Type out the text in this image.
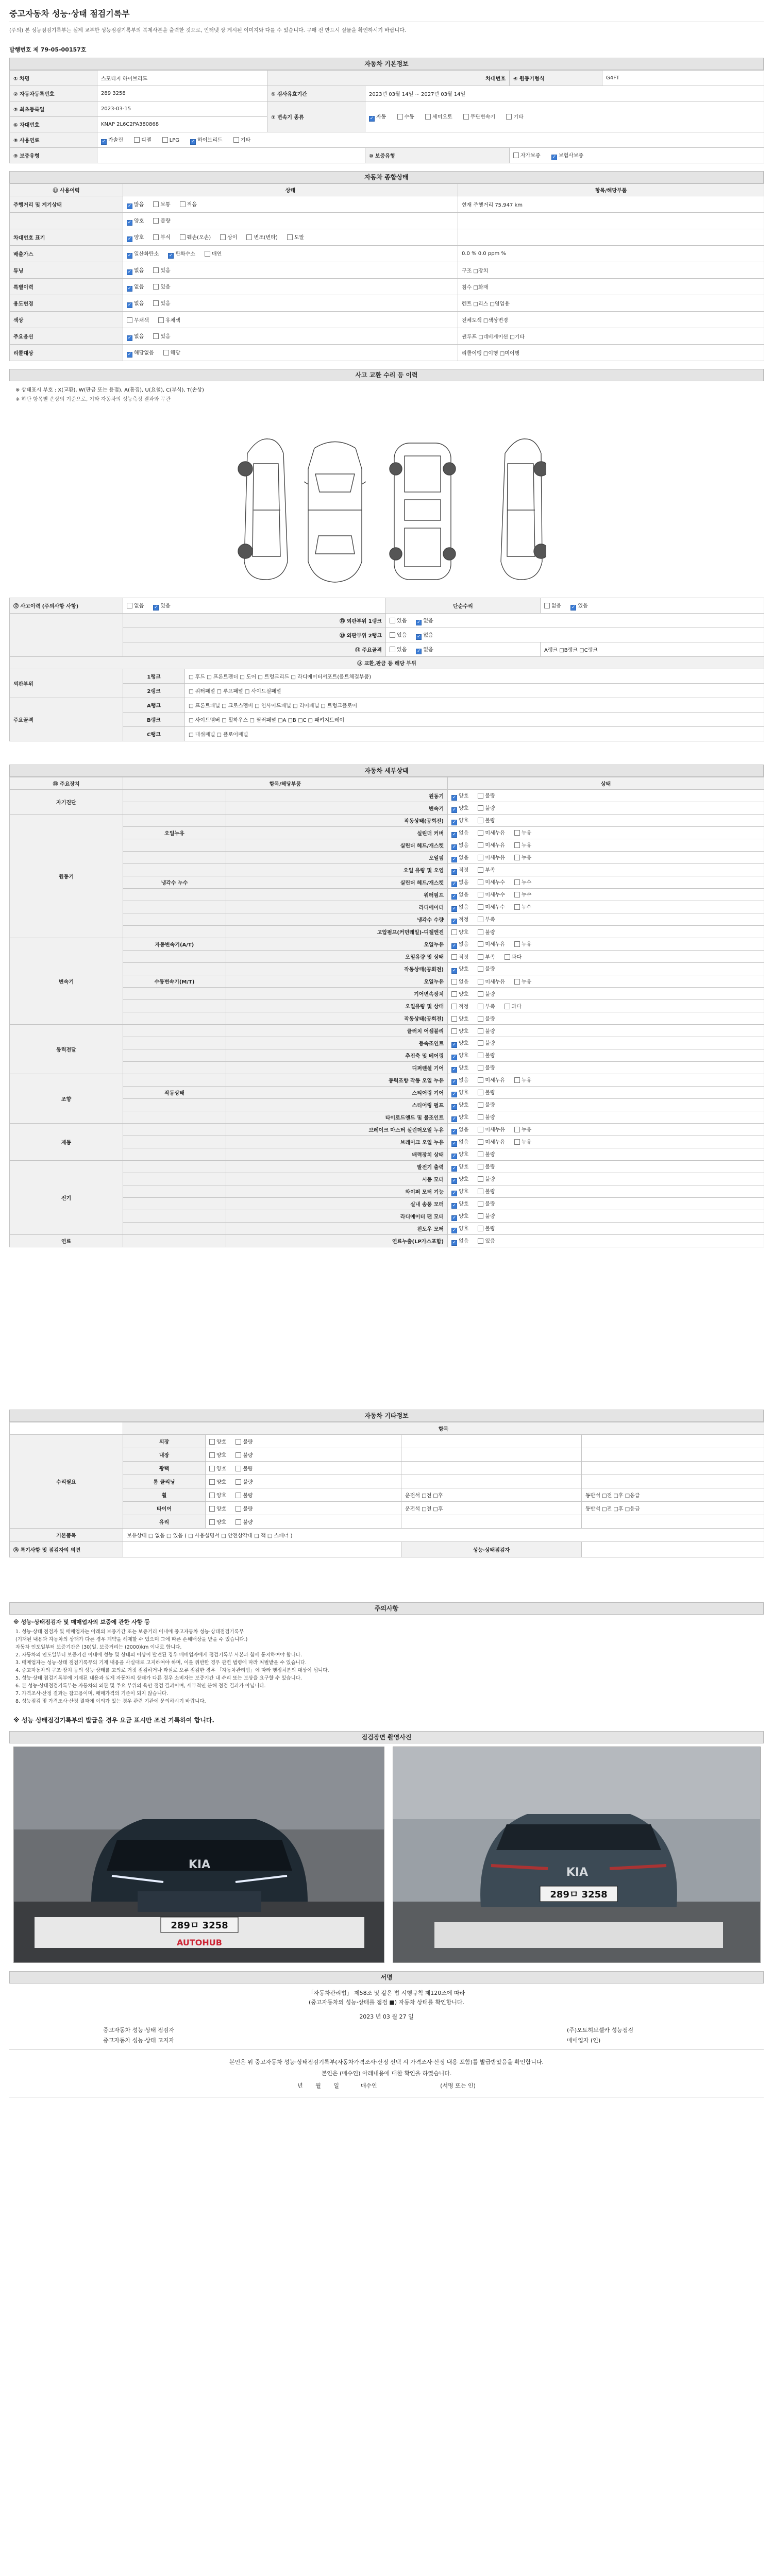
중고자동차 성능·상태 점검기록부
(주의) 본 성능점검기록부는 실제 교부한 성능점검기록부의 복제사본을 출력한 것으로, 인터넷 상 게시된 이미지와 다를 수 있습니다. 구매 전 반드시 실물을 확인하시기 바랍니다.
발행번호 제 79-05-00157호
자동차 기본정보
① 차명	스포티지 하이브리드	차대번호		④ 원동기형식	G4FT
② 자동차등록번호	289 3258	⑤ 검사유효기간	2023년 03월 14일 ~ 2027년 03월 14일		
③ 최초등록일	2023-03-15	⑦ 변속기 종류	✓ 자동 수동 세미오토 무단변속기 기타		
⑥ 차대번호	KNAP 2L6C2PA380868				
⑧ 사용연료	✓ 가솔린 디젤 LPG ✓ 하이브리드 기타				
⑨ 보증유형			⑩ 보증유형	자가보증 ✓ 보험사보증	
자동차 종합상태
⑪ 사용이력	상태	항목/해당부품
주행거리 및 계기상태	✓ 많음 보통 적음	현재 주행거리 75,947 km
	✓ 양호 불량	
차대번호 표기	✓ 양호 부식 훼손(오손) 상이 변조(변타) 도말	
배출가스	✓ 일산화탄소 ✓ 탄화수소 매연	0.0 % 0.0 ppm %
튜닝	✓ 없음 있음	구조 □장치
특별이력	✓ 없음 있음	침수 □화재
용도변경	✓ 없음 있음	렌트 □리스 □영업용
색상	무채색 유채색	전체도색 □색상변경
주요옵션	✓ 없음 있음	썬루프 □네비게이션 □기타
리콜대상	✓ 해당없음 해당	리콜이행 □이행 □미이행
사고 교환 수리 등 이력
※ 상태표시 부호 : X(교환), W(판금 또는 용접), A(흠집), U(요철), C(부식), T(손상)
※ 하단 항목별 손상의 기준으로, 기타 자동차의 성능측정 결과와 무관
⑫ 사고이력 (주의사항 사항)	없음 ✓ 있음		단순수리	없음 ✓ 있음
	⑬ 외판부위 1랭크		있음 ✓ 없음	
	⑬ 외판부위 2랭크		있음 ✓ 없음	
	⑭ 주요골격		있음 ✓ 없음	A랭크 □B랭크 □C랭크
⑭ 교환,판금 등 해당 부위				
외판부위	1랭크	□ 후드 □ 프론트펜더 □ 도어 □ 트렁크리드 □ 라디에이터서포트(볼트체결부품)		
	2랭크	□ 쿼터패널 □ 루프패널 □ 사이드실패널		
주요골격	A랭크	□ 프론트패널 □ 크로스멤버 □ 인사이드패널 □ 리어패널 □ 트렁크플로어		
	B랭크	□ 사이드멤버 □ 휠하우스 □ 필러패널 □A □B □C □ 패키지트레이		
	C랭크	□ 대쉬패널 □ 플로어패널		
자동차 세부상태
⑮ 주요장치	항목/해당부품		상태
자기진단		원동기	✓ 양호 불량
		변속기	✓ 양호 불량
원동기		작동상태(공회전)	✓ 양호 불량
	오일누유	실린더 커버	✓ 없음 미세누유 누유
		실린더 헤드/개스켓	✓ 없음 미세누유 누유
		오일펌	✓ 없음 미세누유 누유
		오일 유량 및 오염	✓ 적정 부족
	냉각수 누수	실린더 헤드/개스켓	✓ 없음 미세누수 누수
		워터펌프	✓ 없음 미세누수 누수
		라디에이터	✓ 없음 미세누수 누수
		냉각수 수량	✓ 적정 부족
		고압펌프(커먼레일)-디젤엔진	양호 불량
변속기	자동변속기(A/T)	오일누유	✓ 없음 미세누유 누유
		오일유량 및 상태	적정 부족 과다
		작동상태(공회전)	✓ 양호 불량
	수동변속기(M/T)	오일누유	없음 미세누유 누유
		기어변속장치	양호 불량
		오일유량 및 상태	적정 부족 과다
		작동상태(공회전)	양호 불량
동력전달		클러치 어셈블리	양호 불량
		등속조인트	✓ 양호 불량
		추진축 및 베어링	✓ 양호 불량
		디퍼렌셜 기어	✓ 양호 불량
조향		동력조향 작동 오일 누유	✓ 없음 미세누유 누유
	작동상태	스티어링 기어	✓ 양호 불량
		스티어링 펌프	✓ 양호 불량
		타이로드엔드 및 볼조인트	✓ 양호 불량
제동		브레이크 마스터 실린더오일 누유	✓ 없음 미세누유 누유
		브레이크 오일 누유	✓ 없음 미세누유 누유
		배력장치 상태	✓ 양호 불량
전기		발전기 출력	✓ 양호 불량
		시동 모터	✓ 양호 불량
		와이퍼 모터 기능	✓ 양호 불량
		실내 송풍 모터	✓ 양호 불량
		라디에이터 팬 모터	✓ 양호 불량
		윈도우 모터	✓ 양호 불량
연료		연료누출(LP가스포함)	✓ 없음 있음
자동차 기타정보
	항목			
수리필요	외장	양호 불량		
	내장	양호 불량		
	광택	양호 불량		
	룸 클리닝	양호 불량		
	휠	양호 불량	운전석 □전 □후	동반석 □전 □후 □응급
	타이어	양호 불량	운전석 □전 □후	동반석 □전 □후 □응급
	유리	양호 불량		
기본품목	보유상태 □ 없음 □ 있음 ( □ 사용설명서 □ 안전삼각대 □ 잭 □ 스패너 )			
⑯ 특기사항 및 점검자의 의견			성능·상태점검자	
주의사항
※ 성능·상태점검자 및 매매업자의 보증에 관한 사항 등

1. 성능·상태 점검자 및 매매업자는 아래의 보증기간 또는 보증거리 이내에 중고자동차 성능·상태점검기록부

(기재된 내용과 자동차의 상태가 다른 경우 계약을 해제할 수 있으며 그에 따른 손해배상을 받을 수 있습니다.)

자동차 인도일부터 보증기간은 (30)일, 보증거리는 (2000)km 이내로 합니다.

2. 자동차의 인도일부터 보증기간 이내에 성능 및 상태의 이상이 발견된 경우 매매업자에게 점검기록부 사본과 함께 통지하여야 합니다.

3. 매매업자는 성능·상태 점검기록부의 기재 내용을 사실대로 고지하여야 하며, 이를 위반한 경우 관련 법령에 따라 처벌받을 수 있습니다.

4. 중고자동차의 구조·장치 등의 성능·상태를 고의로 거짓 점검하거나 과실로 오류 점검한 경우 「자동차관리법」에 따라 행정처분의 대상이 됩니다.

5. 성능·상태 점검기록부에 기재된 내용과 실제 자동차의 상태가 다른 경우 소비자는 보증기간 내 수리 또는 보상을 요구할 수 있습니다.

6. 본 성능·상태점검기록부는 자동차의 외관 및 주요 부위의 육안 점검 결과이며, 세부적인 분해 점검 결과가 아닙니다.

7. 가격조사·산정 결과는 참고용이며, 매매가격의 기준이 되지 않습니다.

8. 성능점검 및 가격조사·산정 결과에 이의가 있는 경우 관련 기관에 문의하시기 바랍니다.

※ 성능 상태점검기록부의 발급을 경우 요금 표시만 조건 기록하여 합니다.
점검장면 촬영사진
KIA
289ㅁ 3258
AUTOHUB
KIA
289ㅁ 3258
서명
「자동차관리법」 제58조 및 같은 법 시행규칙 제120조에 따라
(중고자동차의 성능·상태를 점검 ■) 자동차 상태를 확인합니다.
2023 년 03 월 27 일
중고자동차 성능·상태 점검자	(주)오토허브셀카 성능점검
중고자동차 성능·상태 고지자	매매업자 (인)
본인은 위 중고자동차 성능·상태점검기록부(자동차가격조사·산정 선택 시 가격조사·산정 내용 포함)를 발급받았음을 확인합니다.
본인은 (매수인) 아래내용에 대한 확인을 하였습니다.
년       월       일            매수인                                   (서명 또는 인)
